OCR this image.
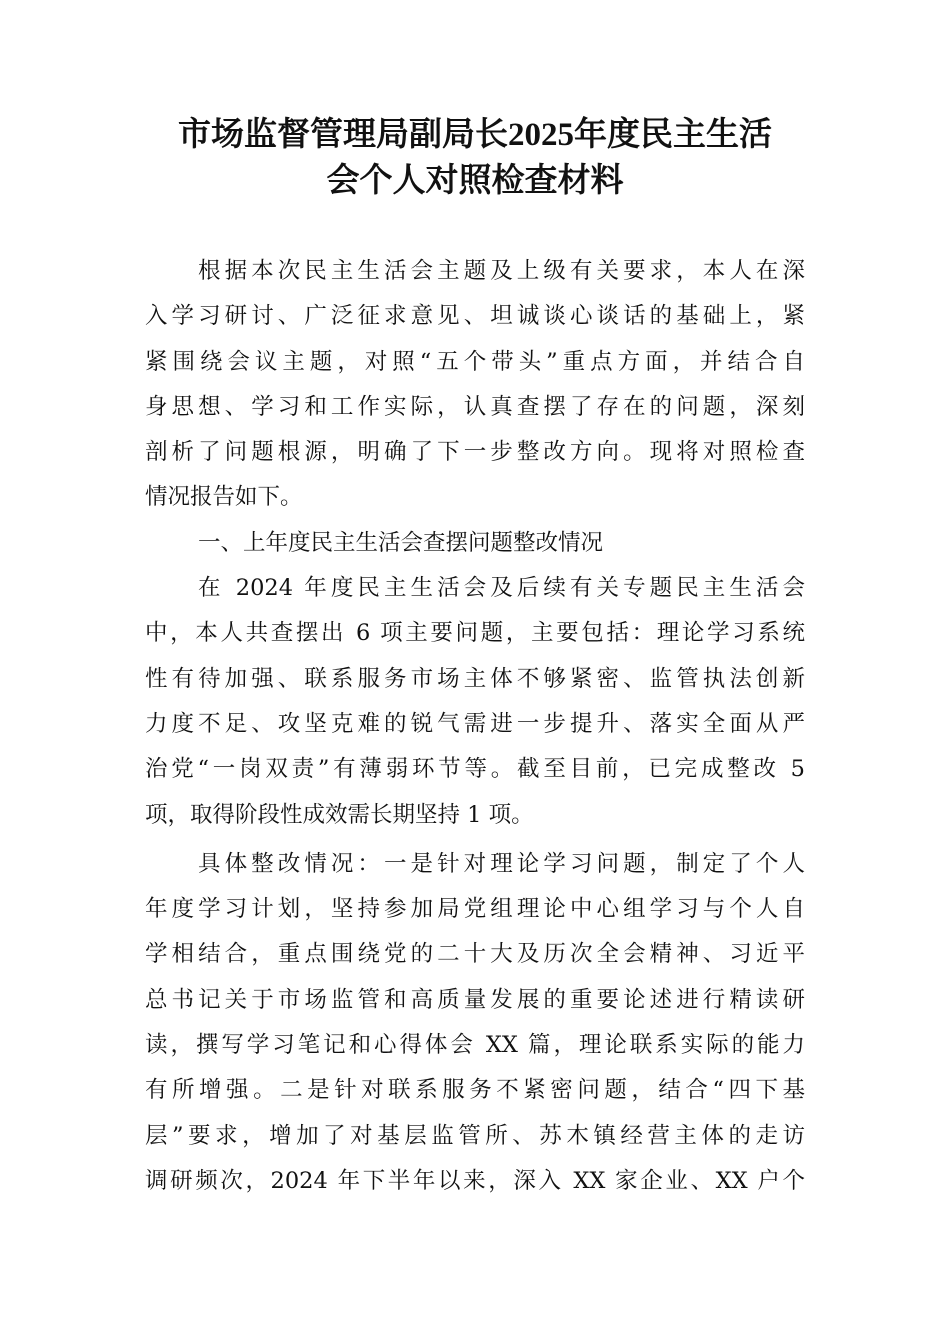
市场监督管理局副局长2025年度民主生活
会个人对照检查材料
根据本次民主生活会主题及上级有关要求，本人在深
入学习研讨、广泛征求意见、坦诚谈心谈话的基础上，紧
紧围绕会议主题，对照“五个带头”重点方面，并结合自
身思想、学习和工作实际，认真查摆了存在的问题，深刻
剖析了问题根源，明确了下一步整改方向。现将对照检查
情况报告如下。
一、上年度民主生活会查摆问题整改情况
在 2024 年度民主生活会及后续有关专题民主生活会
中，本人共查摆出 6 项主要问题，主要包括：理论学习系统
性有待加强、联系服务市场主体不够紧密、监管执法创新
力度不足、攻坚克难的锐气需进一步提升、落实全面从严
治党“一岗双责”有薄弱环节等。截至目前，已完成整改 5
项，取得阶段性成效需长期坚持 1 项。
具体整改情况：一是针对理论学习问题，制定了个人
年度学习计划，坚持参加局党组理论中心组学习与个人自
学相结合，重点围绕党的二十大及历次全会精神、习近平
总书记关于市场监管和高质量发展的重要论述进行精读研
读，撰写学习笔记和心得体会 XX 篇，理论联系实际的能力
有所增强。二是针对联系服务不紧密问题，结合“四下基
层”要求，增加了对基层监管所、苏木镇经营主体的走访
调研频次，2024 年下半年以来，深入 XX 家企业、XX 户个
